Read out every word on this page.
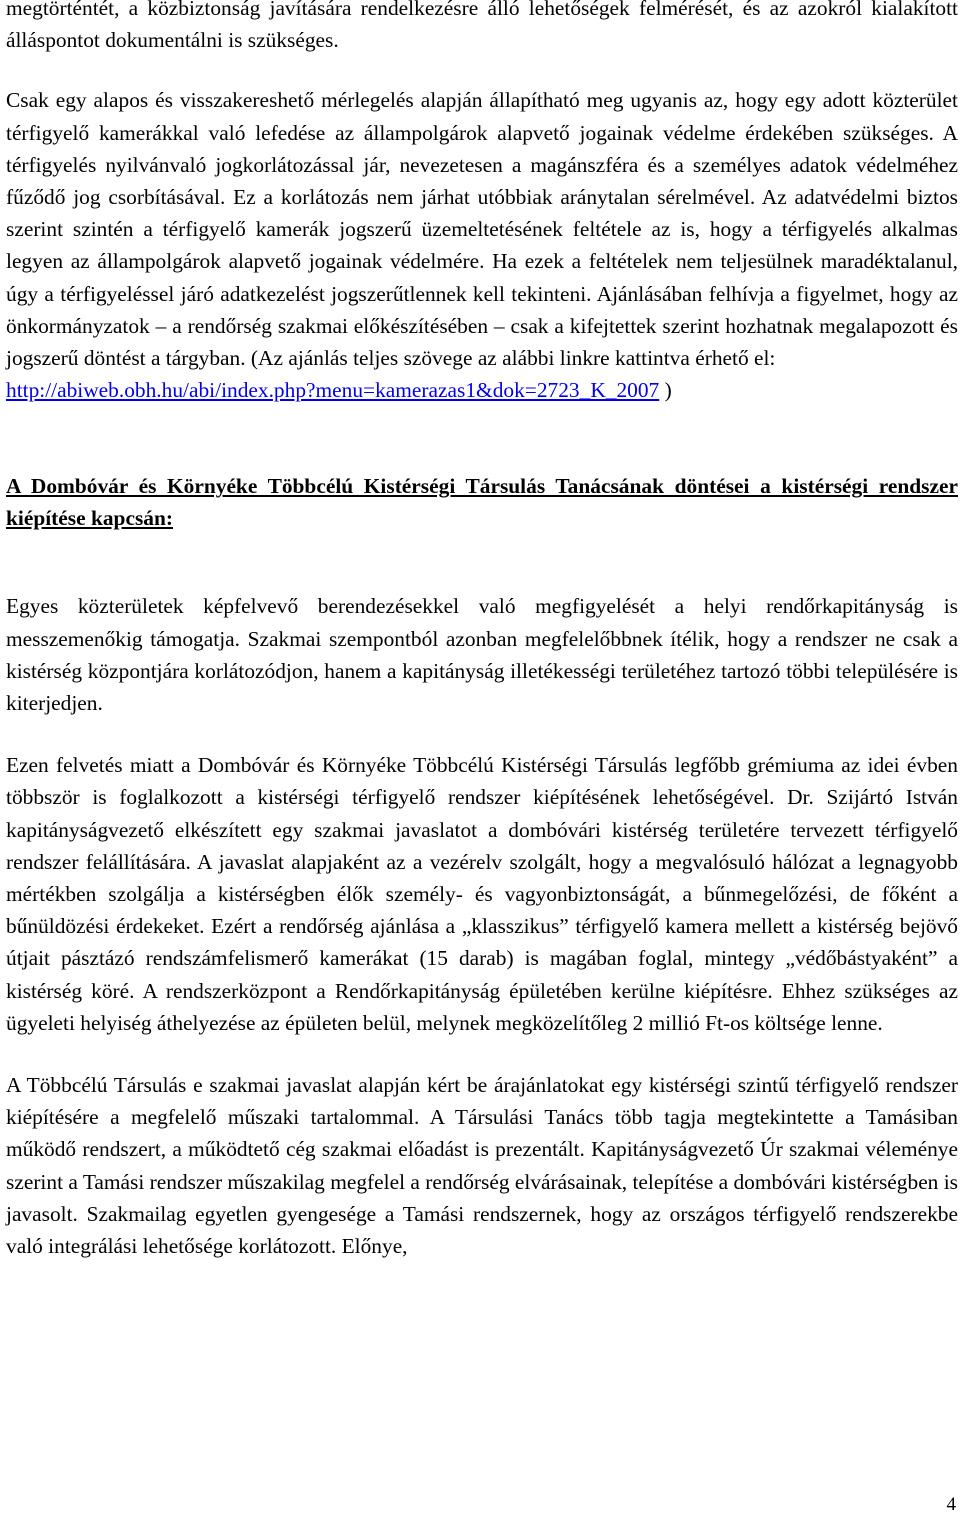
megtörténtét, a közbiztonság javítására rendelkezésre álló lehetőségek felmérését, és az azokról kialakított álláspontot dokumentálni is szükséges.

Csak egy alapos és visszakereshető mérlegelés alapján állapítható meg ugyanis az, hogy egy adott közterület térfigyelő kamerákkal való lefedése az állampolgárok alapvető jogainak védelme érdekében szükséges. A térfigyelés nyilvánvaló jogkorlátozással jár, nevezetesen a magánszféra és a személyes adatok védelméhez fűződő jog csorbításával. Ez a korlátozás nem járhat utóbbiak aránytalan sérelmével. Az adatvédelmi biztos szerint szintén a térfigyelő kamerák jogszerű üzemeltetésének feltétele az is, hogy a térfigyelés alkalmas legyen az állampolgárok alapvető jogainak védelmére. Ha ezek a feltételek nem teljesülnek maradéktalanul, úgy a térfigyeléssel járó adatkezelést jogszerűtlennek kell tekinteni. Ajánlásában felhívja a figyelmet, hogy az önkormányzatok – a rendőrség szakmai előkészítésében – csak a kifejtettek szerint hozhatnak megalapozott és jogszerű döntést a tárgyban. (Az ajánlás teljes szövege az alábbi linkre kattintva érhető el:
http://abiweb.obh.hu/abi/index.php?menu=kamerazas1&dok=2723_K_2007 )

A Dombóvár és Környéke Többcélú Kistérségi Társulás Tanácsának döntései a kistérségi rendszer kiépítése kapcsán:

Egyes közterületek képfelvevő berendezésekkel való megfigyelését a helyi rendőrkapitányság is messzemenőkig támogatja. Szakmai szempontból azonban megfelelőbbnek ítélik, hogy a rendszer ne csak a kistérség központjára korlátozódjon, hanem a kapitányság illetékességi területéhez tartozó többi településére is kiterjedjen.

Ezen felvetés miatt a Dombóvár és Környéke Többcélú Kistérségi Társulás legfőbb grémiuma az idei évben többször is foglalkozott a kistérségi térfigyelő rendszer kiépítésének lehetőségével. Dr. Szijártó István kapitányságvezető elkészített egy szakmai javaslatot a dombóvári kistérség területére tervezett térfigyelő rendszer felállítására. A javaslat alapjaként az a vezérelv szolgált, hogy a megvalósuló hálózat a legnagyobb mértékben szolgálja a kistérségben élők személy- és vagyonbiztonságát, a bűnmegelőzési, de főként a bűnüldözési érdekeket. Ezért a rendőrség ajánlása a „klasszikus” térfigyelő kamera mellett a kistérség bejövő útjait pásztázó rendszámfelismerő kamerákat (15 darab) is magában foglal, mintegy „védőbástyaként” a kistérség köré. A rendszerközpont a Rendőrkapitányság épületében kerülne kiépítésre. Ehhez szükséges az ügyeleti helyiség áthelyezése az épületen belül, melynek megközelítőleg 2 millió Ft-os költsége lenne.

A Többcélú Társulás e szakmai javaslat alapján kért be árajánlatokat egy kistérségi szintű térfigyelő rendszer kiépítésére a megfelelő műszaki tartalommal. A Társulási Tanács több tagja megtekintette a Tamásiban működő rendszert, a működtető cég szakmai előadást is prezentált. Kapitányságvezető Úr szakmai véleménye szerint a Tamási rendszer műszakilag megfelel a rendőrség elvárásainak, telepítése a dombóvári kistérségben is javasolt. Szakmailag egyetlen gyengesége a Tamási rendszernek, hogy az országos térfigyelő rendszerekbe való integrálási lehetősége korlátozott. Előnye,

4
